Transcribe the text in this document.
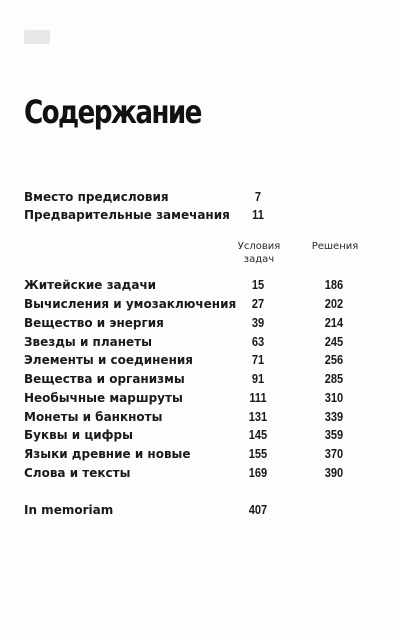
Содержание
Вместо предисловия	7
Предварительные замечания	11
Условия
задач
Решения
Житейские задачи	15	186
Вычисления и умозаключения	27	202
Вещество и энергия	39	214
Звезды и планеты	63	245
Элементы и соединения	71	256
Вещества и организмы	91	285
Необычные маршруты	111	310
Монеты и банкноты	131	339
Буквы и цифры	145	359
Языки древние и новые	155	370
Слова и тексты	169	390
In memoriam	407
